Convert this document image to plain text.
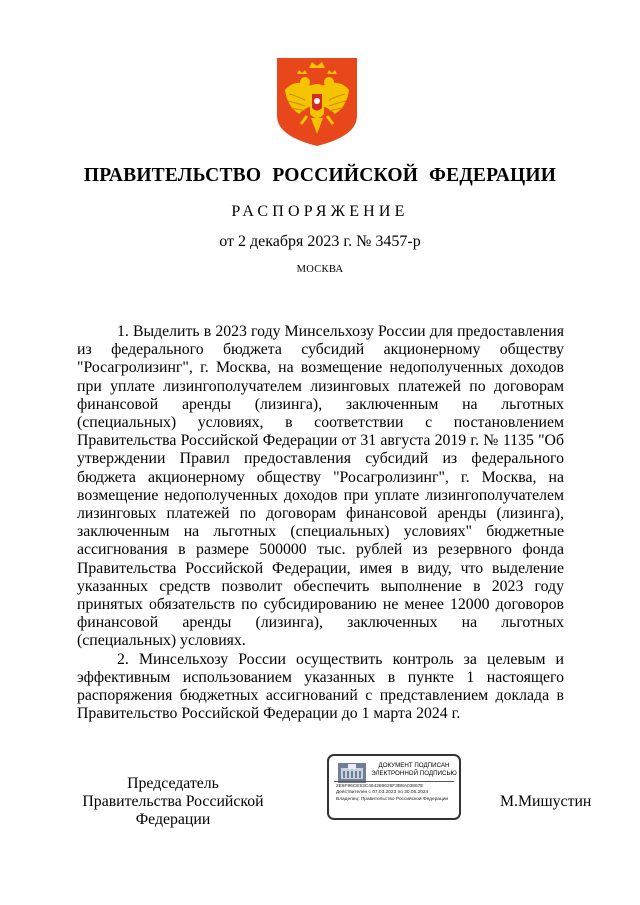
ПРАВИТЕЛЬСТВО РОССИЙСКОЙ ФЕДЕРАЦИИ
РАСПОРЯЖЕНИЕ
от 2 декабря 2023 г. № 3457-р
МОСКВА

1. Выделить в 2023 году Минсельхозу России для предоставления из федерального бюджета субсидий акционерному обществу "Росагролизинг", г. Москва, на возмещение недополученных доходов при уплате лизингополучателем лизинговых платежей по договорам финансовой аренды (лизинга), заключенным на льготных (специальных) условиях, в соответствии с постановлением Правительства Российской Федерации от 31 августа 2019 г. № 1135 "Об утверждении Правил предоставления субсидий из федерального бюджета акционерному обществу "Росагролизинг", г. Москва, на возмещение недополученных доходов при уплате лизингополучателем лизинговых платежей по договорам финансовой аренды (лизинга), заключенным на льготных (специальных) условиях" бюджетные ассигнования в размере 500000 тыс. рублей из резервного фонда Правительства Российской Федерации, имея в виду, что выделение указанных средств позволит обеспечить выполнение в 2023 году принятых обязательств по субсидированию не менее 12000 договоров финансовой аренды (лизинга), заключенных на льготных (специальных) условиях.

2. Минсельхозу России осуществить контроль за целевым и эффективным использованием указанных в пункте 1 настоящего распоряжения бюджетных ассигнований с представлением доклада в Правительство Российской Федерации до 1 марта 2024 г.

Председатель Правительства Российской Федерации
ДОКУМЕНТ ПОДПИСАН ЭЛЕКТРОННОЙ ПОДПИСЬЮ
2E6F96CE53C464286626F3B8A03867E
Действителен с 07.03.2023 по 30.05.2024
Владелец: Правительство Российской Федерации	М.Мишустин
